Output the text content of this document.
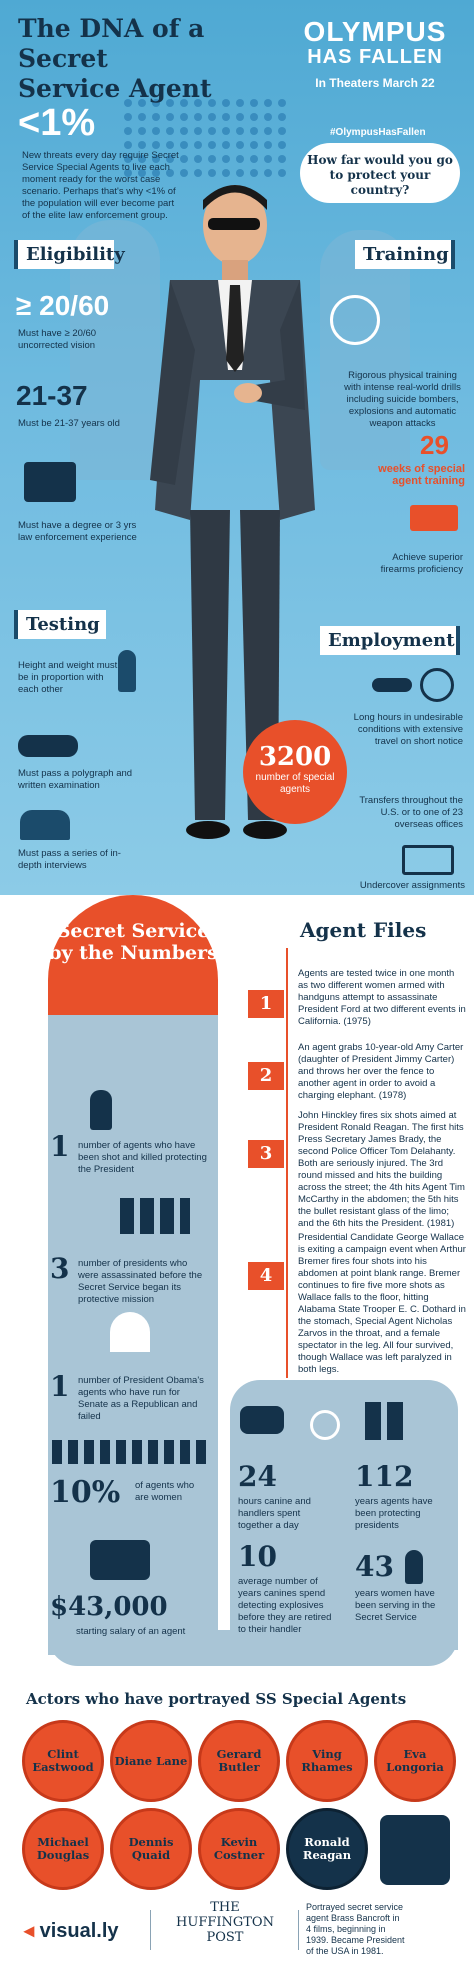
The DNA of a Secret
Service Agent
OLYMPUS
HAS FALLEN
In Theaters March 22
#OlympusHasFallen
How far would you go to protect your country?
<1%
New threats every day require Secret Service Special Agents to live each moment ready for the worst case scenario. Perhaps that's why <1% of the population will ever become part of the elite law enforcement group.
Eligibility
≥ 20/60
Must have ≥ 20/60 uncorrected vision
21-37
Must be 21-37 years old
Must have a degree or 3 yrs law enforcement experience
Training
Rigorous physical training with intense real-world drills including suicide bombers, explosions and automatic weapon attacks
29
weeks of special agent training
Achieve superior firearms proficiency
Testing
Height and weight must be in proportion with each other
Must pass a polygraph and written examination
Must pass a series of in-depth interviews
Employment
Long hours in undesirable conditions with extensive travel on short notice
Transfers throughout the U.S. or to one of 23 overseas offices
Undercover assignments
3200
number of special agents
Secret Service by the Numbers
1 number of agents who have been shot and killed protecting the President
3 number of presidents who were assassinated before the Secret Service began its protective mission
1 number of President Obama's agents who have run for Senate as a Republican and failed
10% of agents who are women
$43,000
starting salary of an agent
24
hours canine and handlers spent together a day
10
average number of years canines spend detecting explosives before they are retired to their handler
112
years agents have been protecting presidents
43
years women have been serving in the Secret Service
Agent Files
1
Agents are tested twice in one month as two different women armed with handguns attempt to assassinate President Ford at two different events in California. (1975)
2
An agent grabs 10-year-old Amy Carter (daughter of President Jimmy Carter) and throws her over the fence to another agent in order to avoid a charging elephant. (1978)
3
John Hinckley fires six shots aimed at President Ronald Reagan. The first hits Press Secretary James Brady, the second Police Officer Tom Delahanty. Both are seriously injured. The 3rd round missed and hits the building across the street; the 4th hits Agent Tim McCarthy in the abdomen; the 5th hits the bullet resistant glass of the limo; and the 6th hits the President. (1981)
4
Presidential Candidate George Wallace is exiting a campaign event when Arthur Bremer fires four shots into his abdomen at point blank range. Bremer continues to fire five more shots as Wallace falls to the floor, hitting Alabama State Trooper E. C. Dothard in the stomach, Special Agent Nicholas Zarvos in the throat, and a female spectator in the leg. All four survived, though Wallace was left paralyzed in both legs.
Actors who have portrayed SS Special Agents
Clint Eastwood	Diane Lane	Gerard Butler
Ving Rhames
Eva Longoria
Michael Douglas
Dennis Quaid
Kevin Costner
Ronald Reagan
◂ visual.ly
THE
HUFFINGTON
POST
Portrayed secret service agent Brass Bancroft in 4 films, beginning in 1939. Became President of the USA in 1981.
